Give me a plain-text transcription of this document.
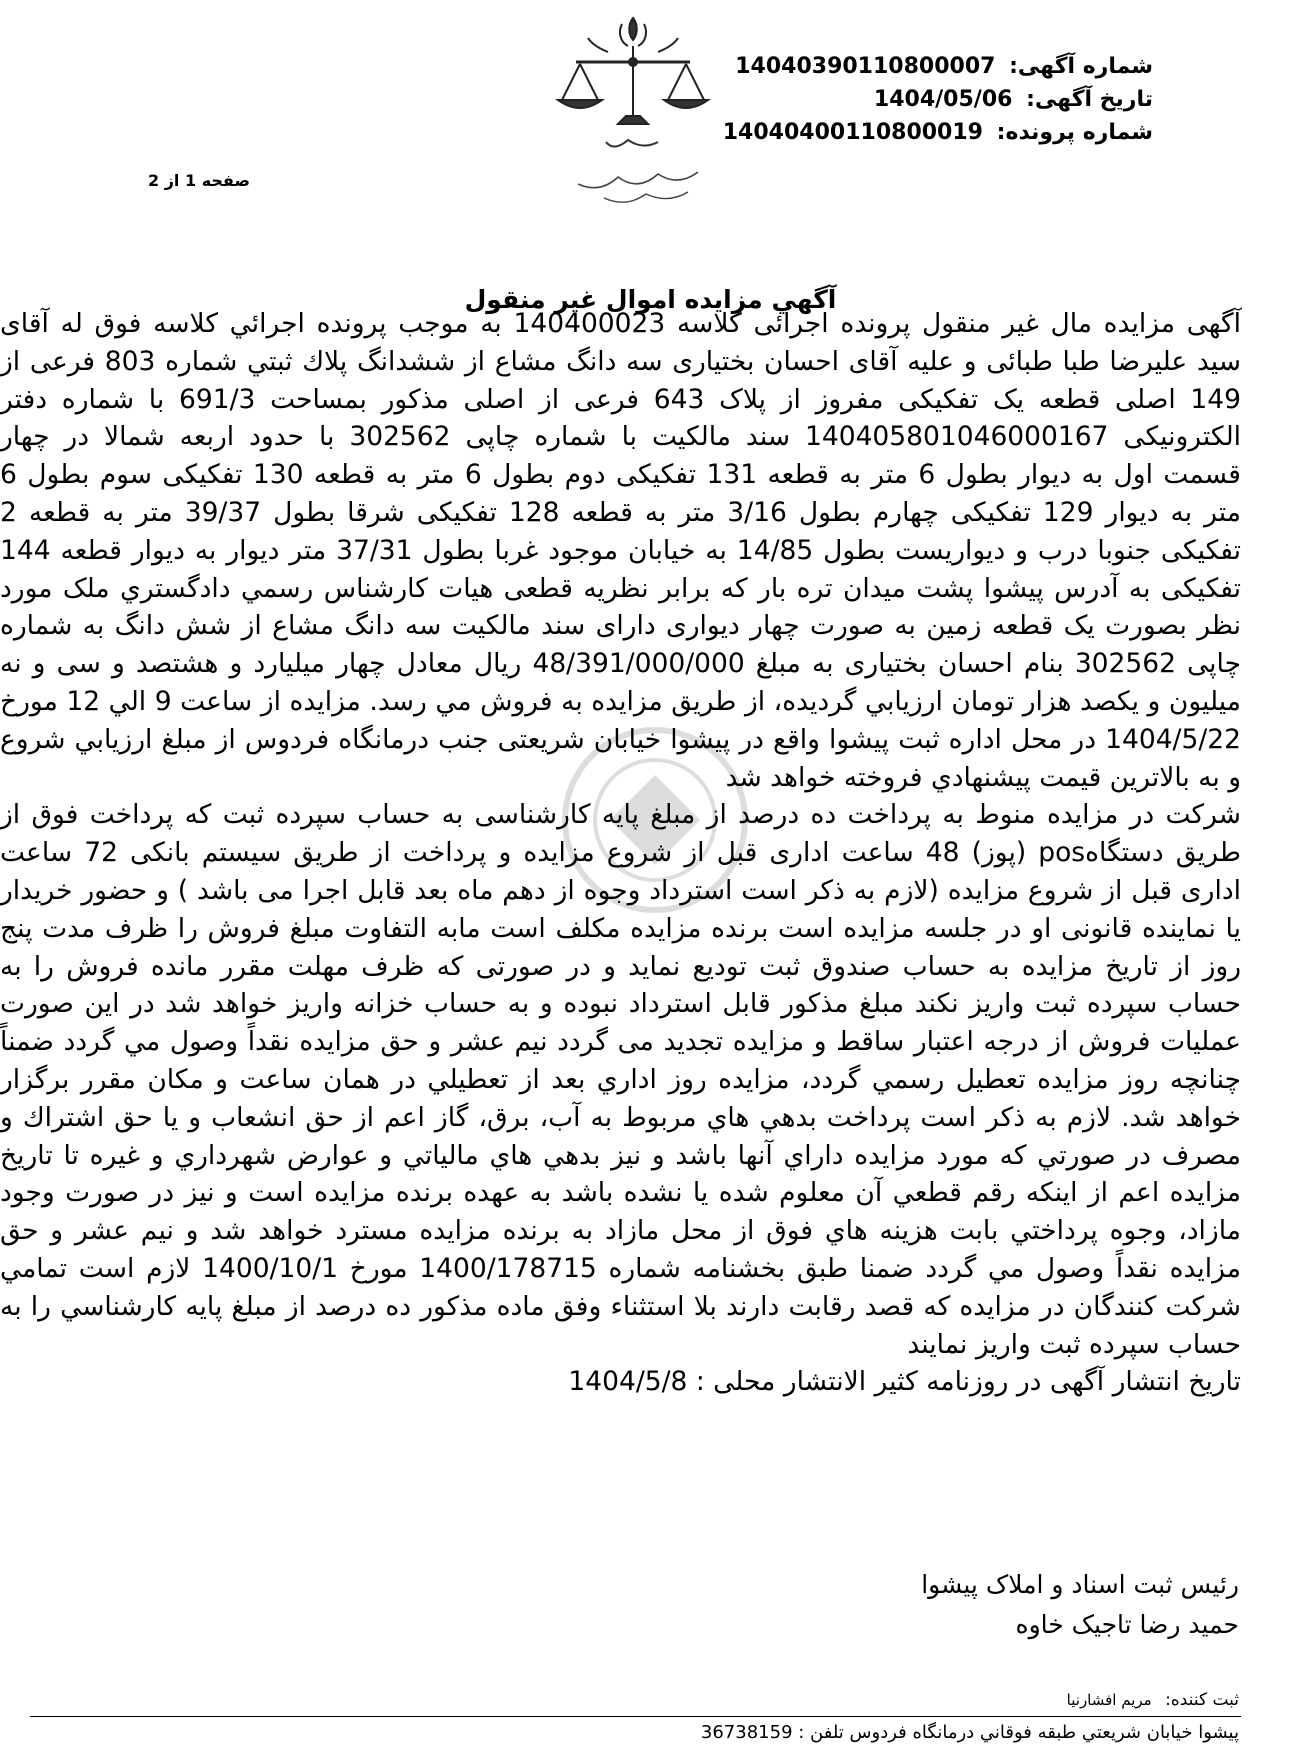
شماره آگهی: 14040390110800007
تاریخ آگهی: 1404/05/06
شماره پرونده: 14040400110800019
صفحه 1 از 2
آگهي مزايده اموال غير منقول

آگهی مزایده مال غیر منقول پرونده اجرائی کلاسه 140400023 به موجب پرونده اجرائي كلاسه فوق له آقای سید علیرضا طبا طبائی و علیه آقای احسان بختیاری سه دانگ مشاع از ششدانگ پلاك ثبتي شماره 803 فرعی از 149 اصلی قطعه یک تفکیکی مفروز از پلاک 643 فرعی از اصلی مذکور بمساحت 691/3 با شماره دفتر الکترونیکی 140405801046000167 سند مالکیت با شماره چاپی 302562 با حدود اربعه شمالا در چهار قسمت اول به دیوار بطول 6 متر به قطعه 131 تفکیکی دوم بطول 6 متر به قطعه 130 تفکیکی سوم بطول 6 متر به دیوار 129 تفکیکی چهارم بطول 3/16 متر به قطعه 128 تفکیکی شرقا بطول 39/37 متر به قطعه 2 تفکیکی جنوبا درب و دیواریست بطول 14/85 به خیابان موجود غربا بطول 37/31 متر دیوار به دیوار قطعه 144 تفکیکی به آدرس پیشوا پشت میدان تره بار که برابر نظریه قطعی هیات کارشناس رسمي دادگستري ملک مورد نظر بصورت یک قطعه زمین به صورت چهار دیواری دارای سند مالکیت سه دانگ مشاع از شش دانگ به شماره چاپی 302562 بنام احسان بختیاری به مبلغ 48/391/000/000 ریال معادل چهار میلیارد و هشتصد و سی و نه میلیون و یکصد هزار تومان ارزيابي گرديده، از طريق مزايده به فروش مي رسد. مزايده از ساعت 9 الي 12 مورخ 1404/5/22 در محل اداره ثبت پیشوا واقع در پیشوا خیابان شریعتی جنب درمانگاه فردوس از مبلغ ارزيابي شروع و به بالاترين قيمت پيشنهادي فروخته خواهد شد

شرکت در مزایده منوط به پرداخت ده درصد از مبلغ پایه کارشناسی به حساب سپرده ثبت که پرداخت فوق از طریق دستگاهpos (پوز) 48 ساعت اداری قبل از شروع مزایده و پرداخت از طریق سیستم بانکی 72 ساعت اداری قبل از شروع مزایده (لازم به ذکر است استرداد وجوه از دهم ماه بعد قابل اجرا می باشد ) و حضور خریدار یا نماینده قانونی او در جلسه مزایده است برنده مزایده مکلف است مابه التفاوت مبلغ فروش را ظرف مدت پنج روز از تاریخ مزایده به حساب صندوق ثبت تودیع نماید و در صورتی که ظرف مهلت مقرر مانده فروش را به حساب سپرده ثبت واریز نکند مبلغ مذکور قابل استرداد نبوده و به حساب خزانه واریز خواهد شد در این صورت عملیات فروش از درجه اعتبار ساقط و مزایده تجدید می گردد نیم عشر و حق مزایده نقداً وصول مي گردد ضمناً چنانچه روز مزايده تعطيل رسمي گردد، مزايده روز اداري بعد از تعطيلي در همان ساعت و مكان مقرر برگزار خواهد شد. لازم به ذكر است پرداخت بدهي هاي مربوط به آب، برق، گاز اعم از حق انشعاب و يا حق اشتراك و مصرف در صورتي كه مورد مزايده داراي آنها باشد و نيز بدهي هاي مالياتي و عوارض شهرداري و غيره تا تاريخ مزايده اعم از اينكه رقم قطعي آن معلوم شده يا نشده باشد به عهده برنده مزايده است و نيز در صورت وجود مازاد، وجوه پرداختي بابت هزينه هاي فوق از محل مازاد به برنده مزايده مسترد خواهد شد و نیم عشر و حق مزایده نقداً وصول مي گردد ضمنا طبق بخشنامه شماره 1400/178715 مورخ 1400/10/1 لازم است تمامي شركت كنندگان در مزايده كه قصد رقابت دارند بلا استثناء وفق ماده مذكور ده درصد از مبلغ پايه كارشناسي را به حساب سپرده ثبت واريز نمايند

تاریخ انتشار آگهی در روزنامه کثیر الانتشار محلی : 1404/5/8

رئیس ثبت اسناد و املاک پیشوا
حمید رضا تاجیک خاوه
ثبت کننده: مریم افشارنیا
پيشوا خيابان شريعتي طبقه فوقاني درمانگاه فردوس تلفن : 36738159
